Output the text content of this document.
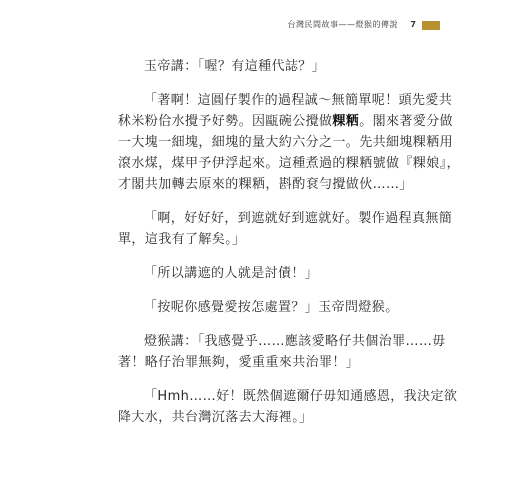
台灣民間故事——燈猴的傳說 7

玉帝講：「喔？有這種代誌？」

「著啊！這圓仔製作的過程誠～無簡單呢！頭先愛共
秫米粉佮水攪予好勢。因甌碗公攪做粿粞。閣來著愛分做
一大塊一細塊，細塊的量大約六分之一。先共細塊粿粞用
滾水煤，煤甲予伊浮起來。這種煮過的粿粞號做『粿娘』，
才閣共加轉去原來的粿粞，斟酌袞勻攪做伙……」

「啊，好好好，到遮就好到遮就好。製作過程真無簡
單，這我有了解矣。」

「所以講遮的人就是討債！」

「按呢你感覺愛按怎處置？」玉帝問燈猴。

燈猴講：「我感覺乎……應該愛略仔共個治罪……毋
著！略仔治罪無夠，愛重重來共治罪！」

「Hmh……好！既然個遮爾仔毋知通感恩，我決定欲
降大水，共台灣沉落去大海裡。」
